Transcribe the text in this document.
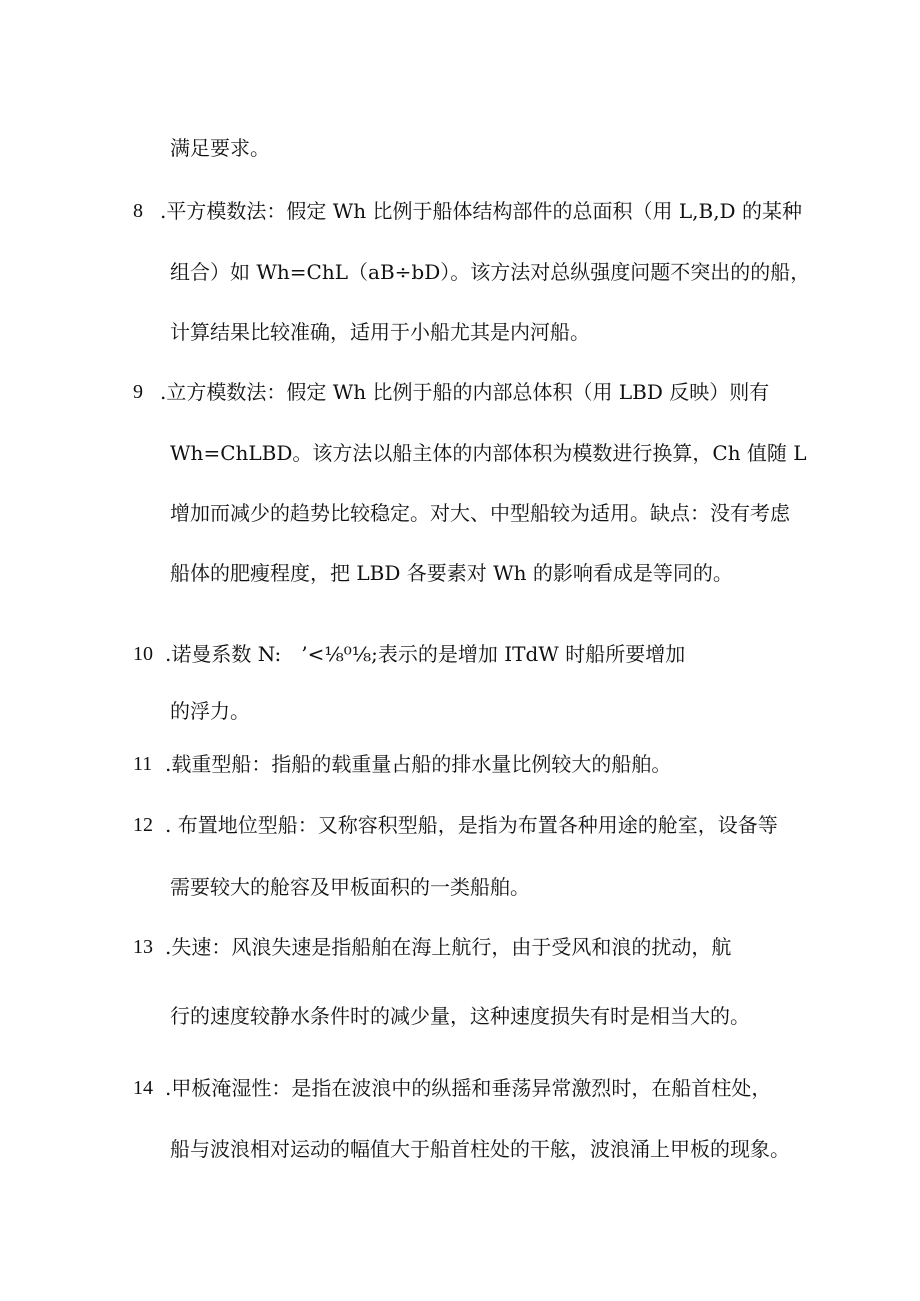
满足要求。
8 .平方模数法：假定 Wh 比例于船体结构部件的总面积（用 L,B,D 的某种
组合）如 Wh=ChL（aB÷bD）。该方法对总纵强度问题不突出的的船，
计算结果比较准确，适用于小船尤其是内河船。
9 .立方模数法：假定 Wh 比例于船的内部总体积（用 LBD 反映）则有
Wh=ChLBD。该方法以船主体的内部体积为模数进行换算，Ch 值随 L
增加而减少的趋势比较稳定。对大、中型船较为适用。缺点：没有考虑
船体的肥瘦程度，把 LBD 各要素对 Wh 的影响看成是等同的。
10 .诺曼系数 N:　’<⅛⁰⅛;表示的是增加 ITdW 时船所要增加
的浮力。
11 .载重型船：指船的载重量占船的排水量比例较大的船舶。
12 . 布置地位型船：又称容积型船，是指为布置各种用途的舱室，设备等
需要较大的舱容及甲板面积的一类船舶。
13 .失速：风浪失速是指船舶在海上航行，由于受风和浪的扰动，航
行的速度较静水条件时的减少量，这种速度损失有时是相当大的。
14 .甲板淹湿性：是指在波浪中的纵摇和垂荡异常激烈时，在船首柱处，
船与波浪相对运动的幅值大于船首柱处的干舷，波浪涌上甲板的现象。
